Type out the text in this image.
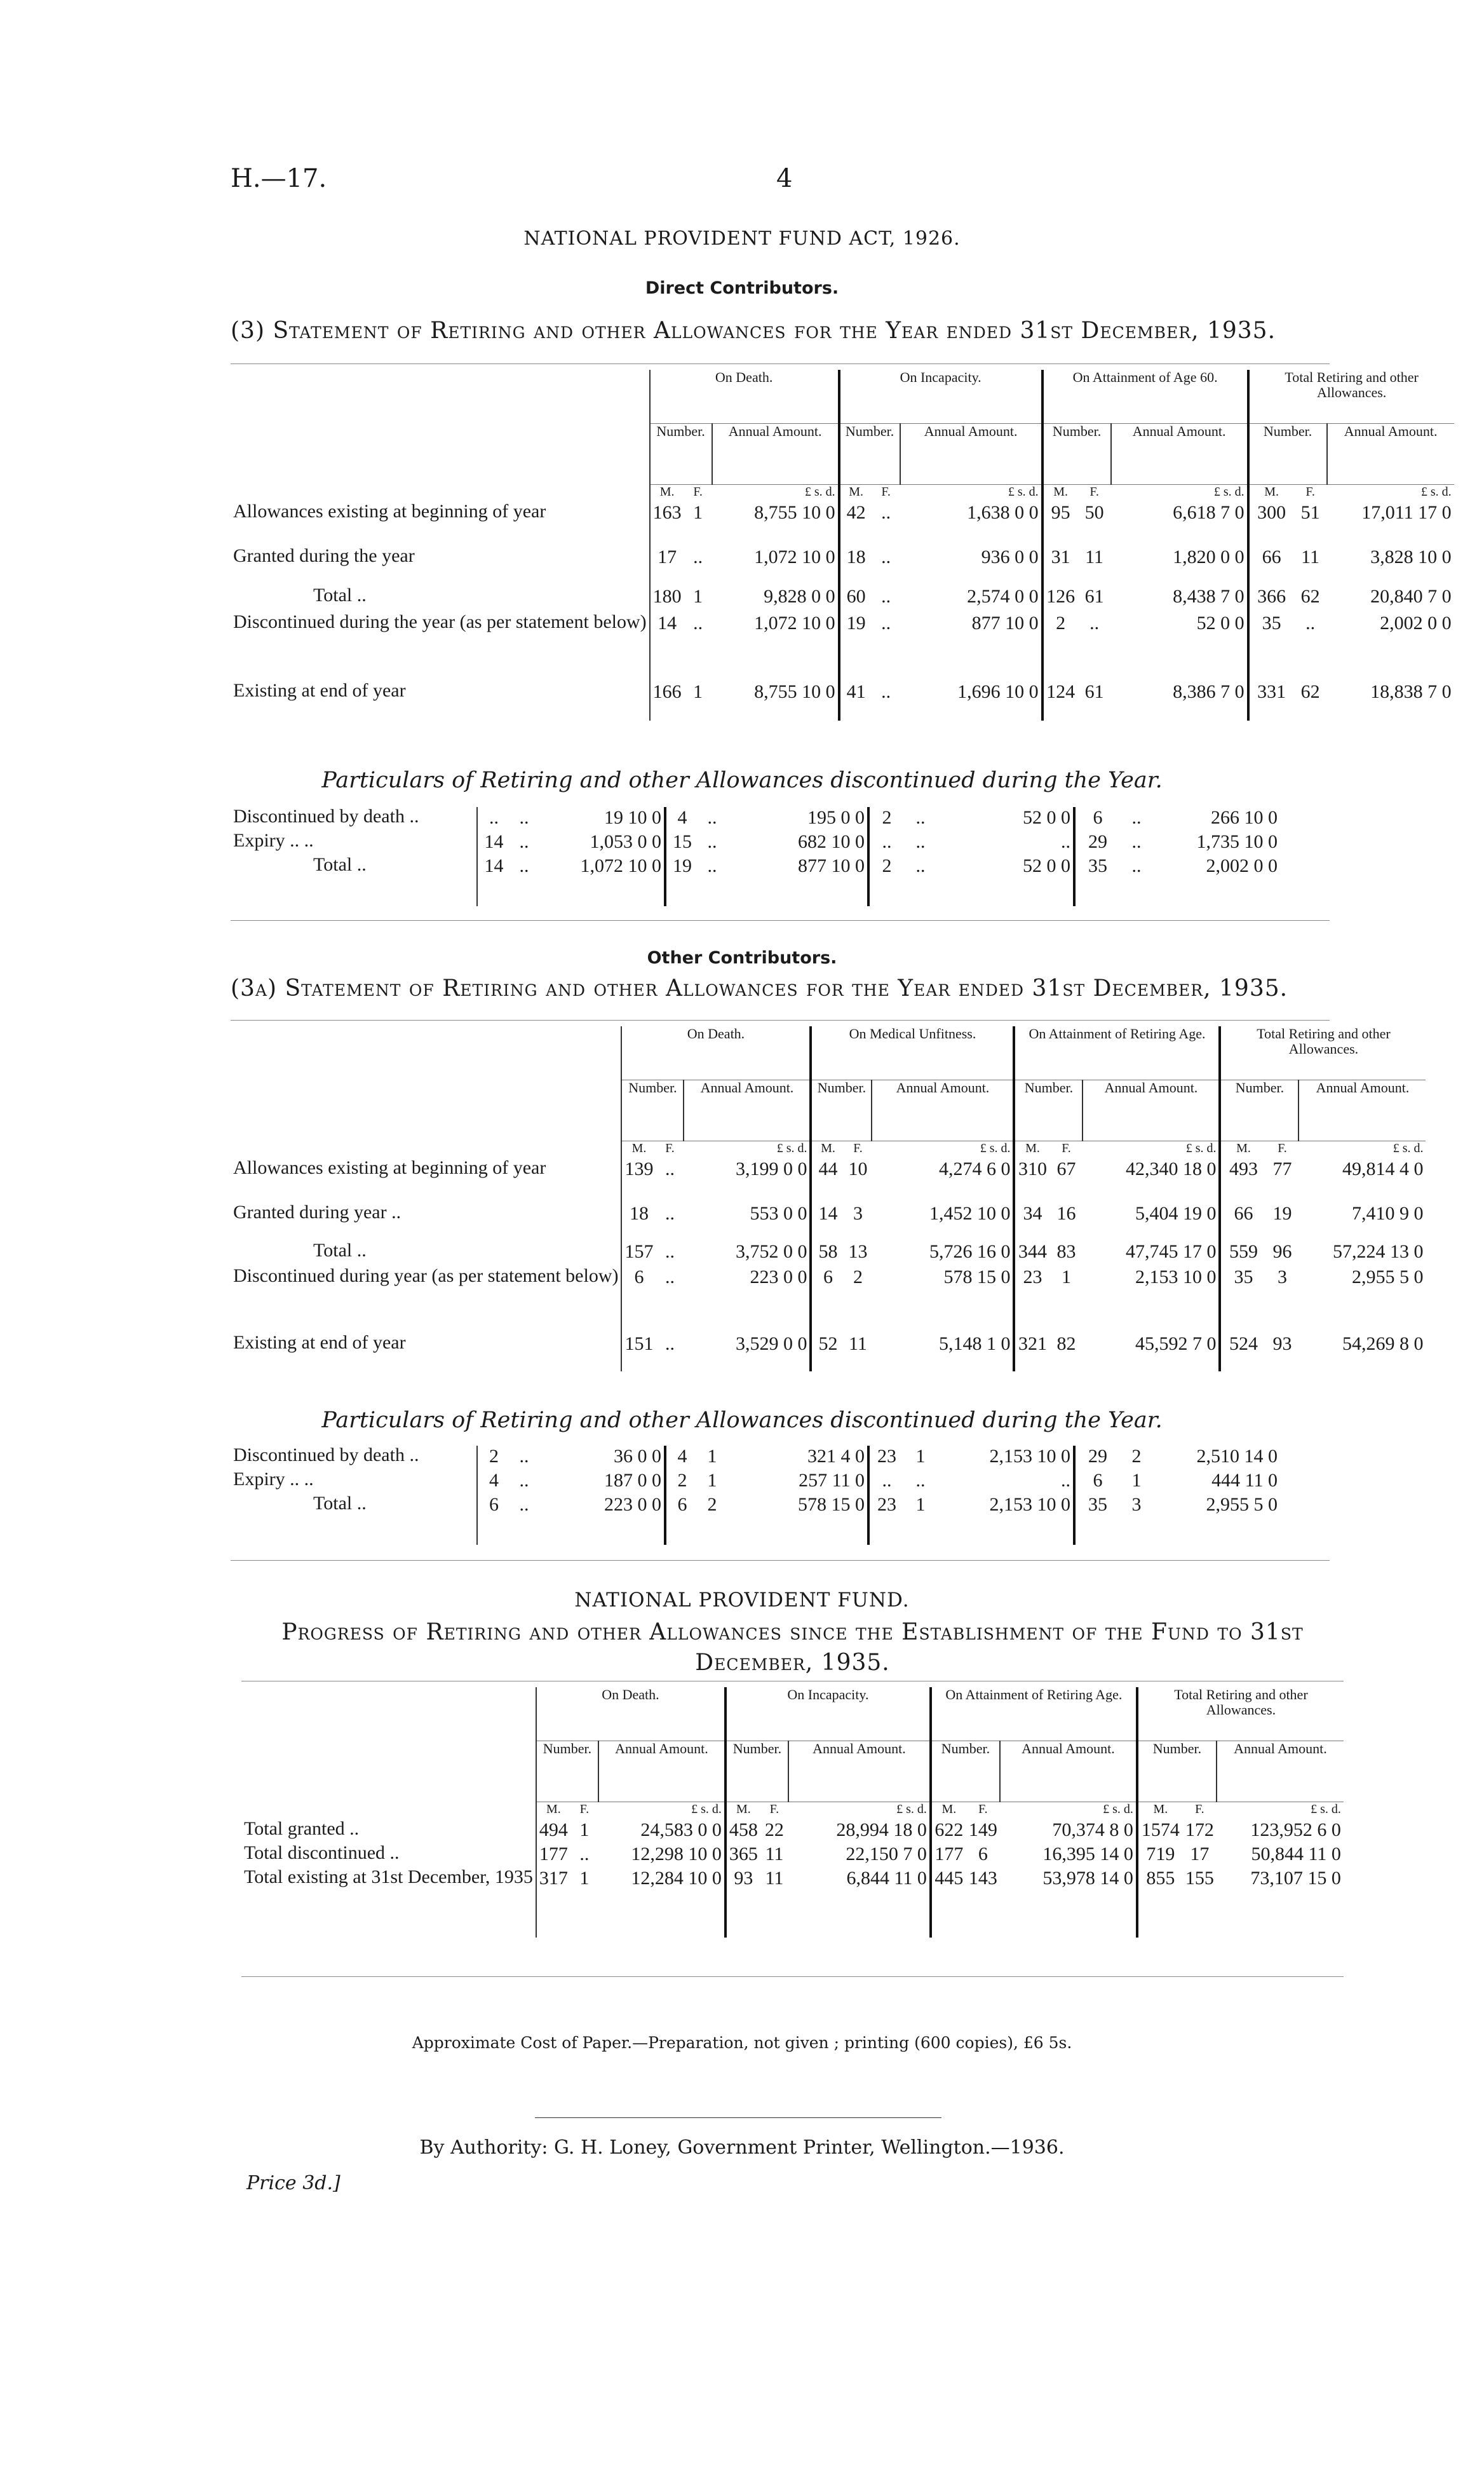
H.—17.	4
NATIONAL PROVIDENT FUND ACT, 1926.
Direct Contributors.
(3) Statement of Retiring and other Allowances for the Year ended 31st December, 1935.
	On Death.			On Incapacity.			On Attainment of Age 60.			Total Retiring and other Allowances.		
	Number.		Annual Amount.	Number.		Annual Amount.	Number.		Annual Amount.	Number.		Annual Amount.
	M.	F.	£ s. d.	M.	F.	£ s. d.	M.	F.	£ s. d.	M.	F.	£ s. d.
Allowances existing at beginning of year	163	1	8,755 10 0	42	..	1,638 0 0	95	50	6,618 7 0	300	51	17,011 17 0
Granted during the year	17	..	1,072 10 0	18	..	936 0 0	31	11	1,820 0 0	66	11	3,828 10 0
Total ..	180	1	9,828 0 0	60	..	2,574 0 0	126	61	8,438 7 0	366	62	20,840 7 0
Discontinued during the year (as per statement below)	14	..	1,072 10 0	19	..	877 10 0	2	..	52 0 0	35	..	2,002 0 0
Existing at end of year	166	1	8,755 10 0	41	..	1,696 10 0	124	61	8,386 7 0	331	62	18,838 7 0
Particulars of Retiring and other Allowances discontinued during the Year.
Discontinued by death ..	..	..	19 10 0	4	..	195 0 0	2	..	52 0 0	6	..	266 10 0
Expiry .. ..	14	..	1,053 0 0	15	..	682 10 0	..	..	..	29	..	1,735 10 0
Total ..	14	..	1,072 10 0	19	..	877 10 0	2	..	52 0 0	35	..	2,002 0 0
Other Contributors.
(3a) Statement of Retiring and other Allowances for the Year ended 31st December, 1935.
	On Death.			On Medical Unfitness.			On Attainment of Retiring Age.			Total Retiring and other Allowances.		
	Number.		Annual Amount.	Number.		Annual Amount.	Number.		Annual Amount.	Number.		Annual Amount.
	M.	F.	£ s. d.	M.	F.	£ s. d.	M.	F.	£ s. d.	M.	F.	£ s. d.
Allowances existing at beginning of year	139	..	3,199 0 0	44	10	4,274 6 0	310	67	42,340 18 0	493	77	49,814 4 0
Granted during year ..	18	..	553 0 0	14	3	1,452 10 0	34	16	5,404 19 0	66	19	7,410 9 0
Total ..	157	..	3,752 0 0	58	13	5,726 16 0	344	83	47,745 17 0	559	96	57,224 13 0
Discontinued during year (as per statement below)	6	..	223 0 0	6	2	578 15 0	23	1	2,153 10 0	35	3	2,955 5 0
Existing at end of year	151	..	3,529 0 0	52	11	5,148 1 0	321	82	45,592 7 0	524	93	54,269 8 0
Particulars of Retiring and other Allowances discontinued during the Year.
Discontinued by death ..	2	..	36 0 0	4	1	321 4 0	23	1	2,153 10 0	29	2	2,510 14 0
Expiry .. ..	4	..	187 0 0	2	1	257 11 0	..	..	..	6	1	444 11 0
Total ..	6	..	223 0 0	6	2	578 15 0	23	1	2,153 10 0	35	3	2,955 5 0
NATIONAL PROVIDENT FUND.
Progress of Retiring and other Allowances since the Establishment of the Fund to 31st December, 1935.
	On Death.			On Incapacity.			On Attainment of Retiring Age.			Total Retiring and other Allowances.		
	Number.		Annual Amount.	Number.		Annual Amount.	Number.		Annual Amount.	Number.		Annual Amount.
	M.	F.	£ s. d.	M.	F.	£ s. d.	M.	F.	£ s. d.	M.	F.	£ s. d.
Total granted ..	494	1	24,583 0 0	458	22	28,994 18 0	622	149	70,374 8 0	1574	172	123,952 6 0
Total discontinued ..	177	..	12,298 10 0	365	11	22,150 7 0	177	6	16,395 14 0	719	17	50,844 11 0
Total existing at 31st December, 1935	317	1	12,284 10 0	93	11	6,844 11 0	445	143	53,978 14 0	855	155	73,107 15 0
Approximate Cost of Paper.—Preparation, not given ; printing (600 copies), £6 5s.
By Authority: G. H. Loney, Government Printer, Wellington.—1936.
Price 3d.]
